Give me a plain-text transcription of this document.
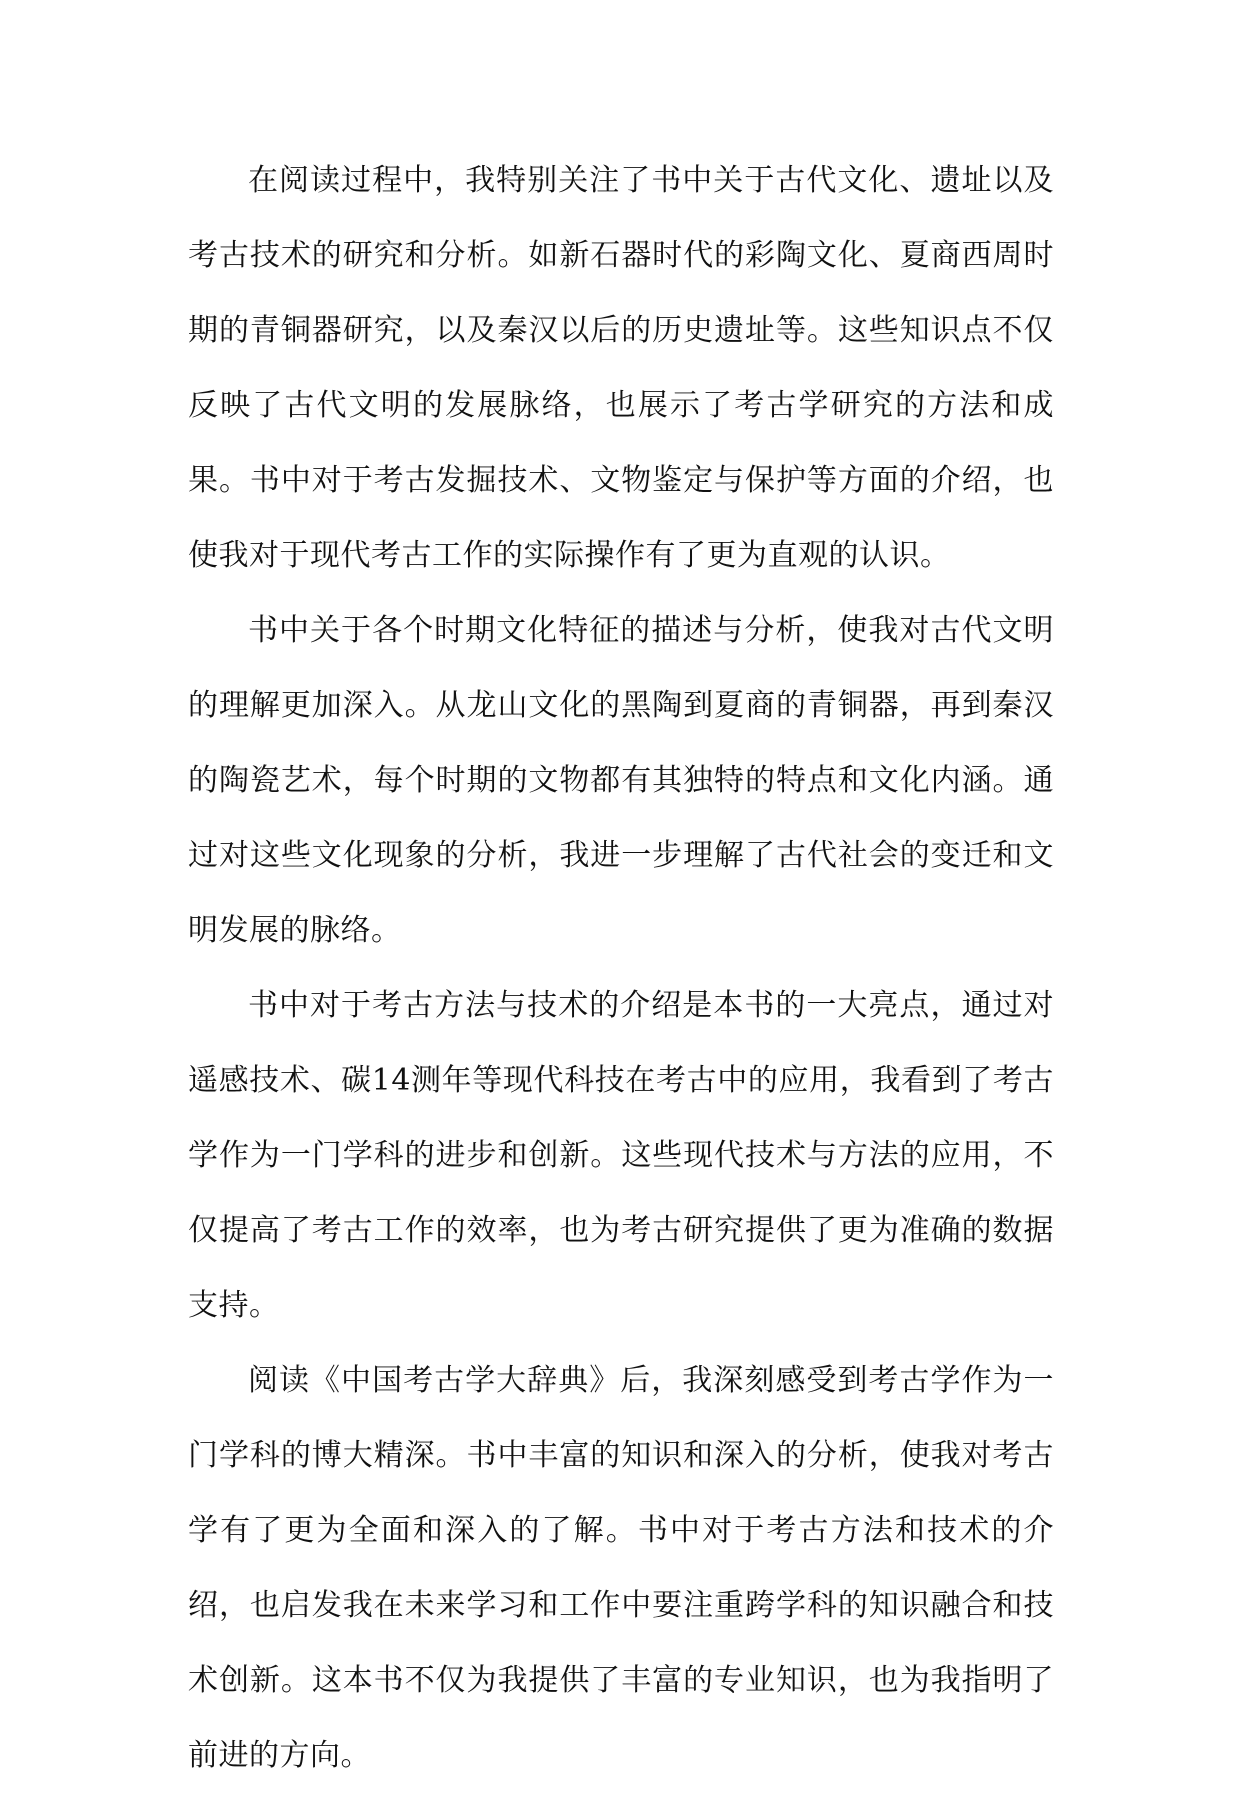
在阅读过程中，我特别关注了书中关于古代文化、遗址以及考古技术的研究和分析。如新石器时代的彩陶文化、夏商西周时期的青铜器研究，以及秦汉以后的历史遗址等。这些知识点不仅反映了古代文明的发展脉络，也展示了考古学研究的方法和成果。书中对于考古发掘技术、文物鉴定与保护等方面的介绍，也使我对于现代考古工作的实际操作有了更为直观的认识。

书中关于各个时期文化特征的描述与分析，使我对古代文明的理解更加深入。从龙山文化的黑陶到夏商的青铜器，再到秦汉的陶瓷艺术，每个时期的文物都有其独特的特点和文化内涵。通过对这些文化现象的分析，我进一步理解了古代社会的变迁和文明发展的脉络。

书中对于考古方法与技术的介绍是本书的一大亮点，通过对遥感技术、碳14测年等现代科技在考古中的应用，我看到了考古学作为一门学科的进步和创新。这些现代技术与方法的应用，不仅提高了考古工作的效率，也为考古研究提供了更为准确的数据支持。

阅读《中国考古学大辞典》后，我深刻感受到考古学作为一门学科的博大精深。书中丰富的知识和深入的分析，使我对考古学有了更为全面和深入的了解。书中对于考古方法和技术的介绍，也启发我在未来学习和工作中要注重跨学科的知识融合和技术创新。这本书不仅为我提供了丰富的专业知识，也为我指明了前进的方向。
